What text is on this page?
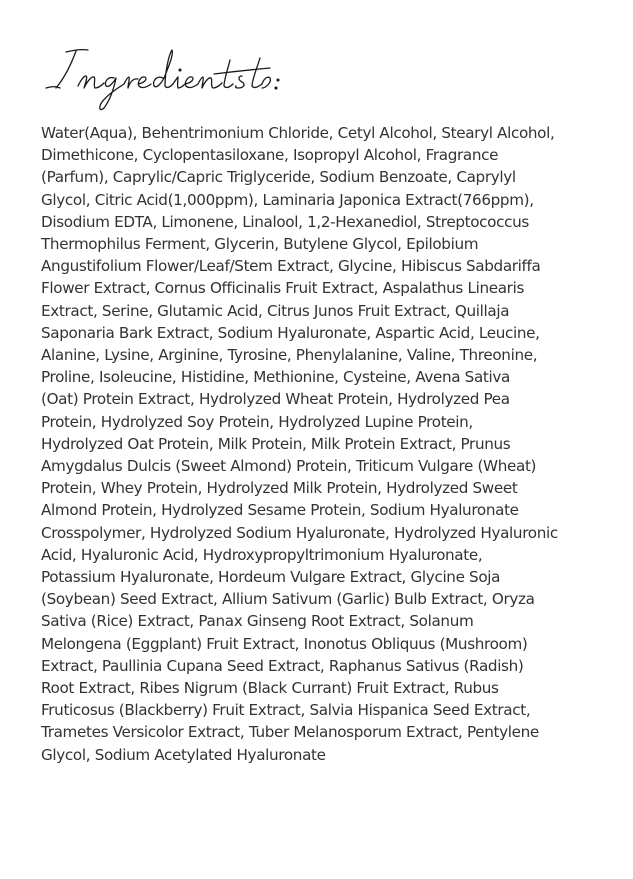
Water(Aqua), Behentrimonium Chloride, Cetyl Alcohol, Stearyl Alcohol,
Dimethicone, Cyclopentasiloxane, Isopropyl Alcohol, Fragrance
(Parfum), Caprylic/Capric Triglyceride, Sodium Benzoate, Caprylyl
Glycol, Citric Acid(1,000ppm), Laminaria Japonica Extract(766ppm),
Disodium EDTA, Limonene, Linalool, 1,2-Hexanediol, Streptococcus
Thermophilus Ferment, Glycerin, Butylene Glycol, Epilobium
Angustifolium Flower/Leaf/Stem Extract, Glycine, Hibiscus Sabdariffa
Flower Extract, Cornus Officinalis Fruit Extract, Aspalathus Linearis
Extract, Serine, Glutamic Acid, Citrus Junos Fruit Extract, Quillaja
Saponaria Bark Extract, Sodium Hyaluronate, Aspartic Acid, Leucine,
Alanine, Lysine, Arginine, Tyrosine, Phenylalanine, Valine, Threonine,
Proline, Isoleucine, Histidine, Methionine, Cysteine, Avena Sativa
(Oat) Protein Extract, Hydrolyzed Wheat Protein, Hydrolyzed Pea
Protein, Hydrolyzed Soy Protein, Hydrolyzed Lupine Protein,
Hydrolyzed Oat Protein, Milk Protein, Milk Protein Extract, Prunus
Amygdalus Dulcis (Sweet Almond) Protein, Triticum Vulgare (Wheat)
Protein, Whey Protein, Hydrolyzed Milk Protein, Hydrolyzed Sweet
Almond Protein, Hydrolyzed Sesame Protein, Sodium Hyaluronate
Crosspolymer, Hydrolyzed Sodium Hyaluronate, Hydrolyzed Hyaluronic
Acid, Hyaluronic Acid, Hydroxypropyltrimonium Hyaluronate,
Potassium Hyaluronate, Hordeum Vulgare Extract, Glycine Soja
(Soybean) Seed Extract, Allium Sativum (Garlic) Bulb Extract, Oryza
Sativa (Rice) Extract, Panax Ginseng Root Extract, Solanum
Melongena (Eggplant) Fruit Extract, Inonotus Obliquus (Mushroom)
Extract, Paullinia Cupana Seed Extract, Raphanus Sativus (Radish)
Root Extract, Ribes Nigrum (Black Currant) Fruit Extract, Rubus
Fruticosus (Blackberry) Fruit Extract, Salvia Hispanica Seed Extract,
Trametes Versicolor Extract, Tuber Melanosporum Extract, Pentylene
Glycol, Sodium Acetylated Hyaluronate
